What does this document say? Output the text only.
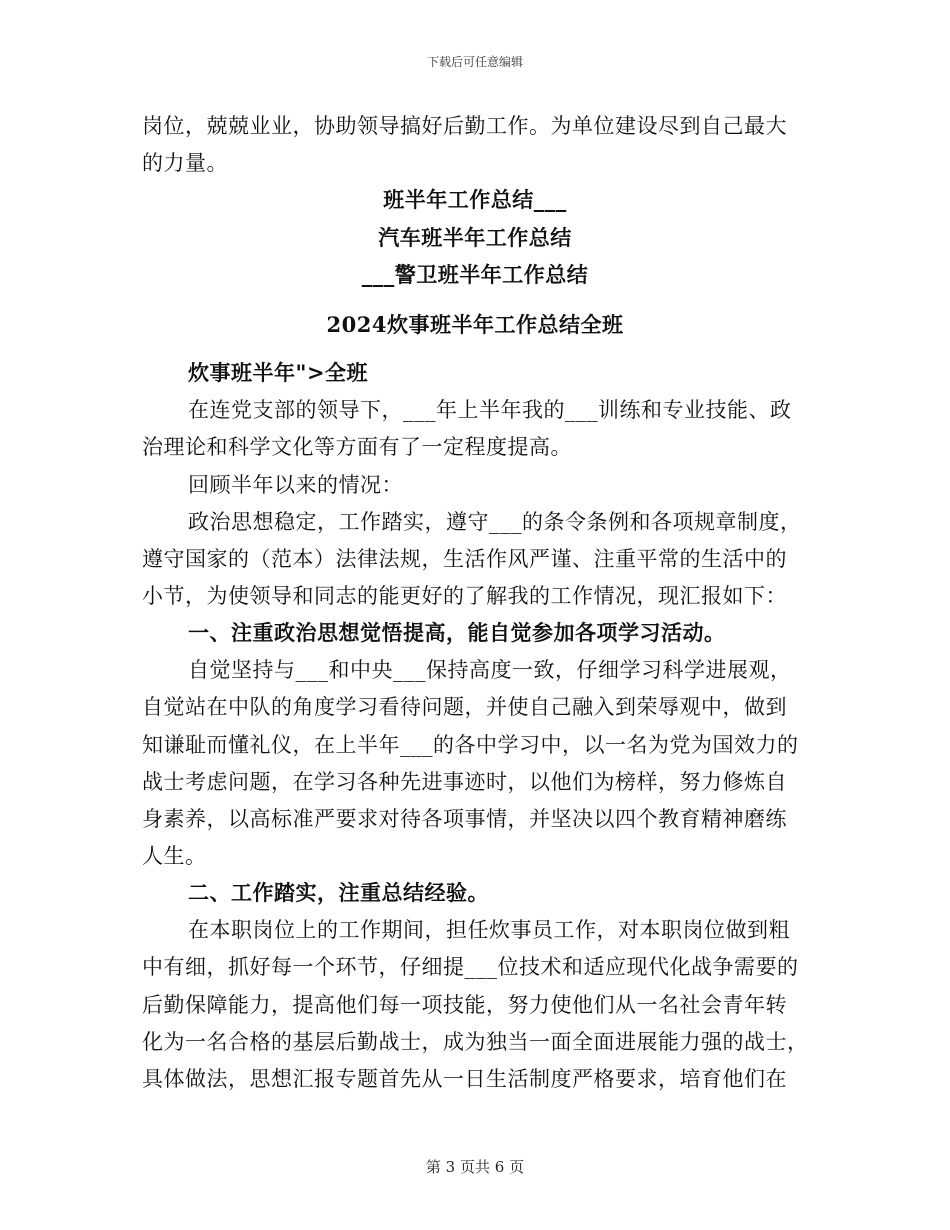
下载后可任意编辑
岗位，兢兢业业，协助领导搞好后勤工作。为单位建设尽到自己最大
的力量。
班半年工作总结___
汽车班半年工作总结
___警卫班半年工作总结
2024炊事班半年工作总结全班
炊事班半年">全班
在连党支部的领导下，___年上半年我的___训练和专业技能、政
治理论和科学文化等方面有了一定程度提高。
回顾半年以来的情况：
政治思想稳定，工作踏实，遵守___的条令条例和各项规章制度，
遵守国家的（范本）法律法规，生活作风严谨、注重平常的生活中的
小节，为使领导和同志的能更好的了解我的工作情况，现汇报如下：
一、注重政治思想觉悟提高，能自觉参加各项学习活动。
自觉坚持与___和中央___保持高度一致，仔细学习科学进展观，
自觉站在中队的角度学习看待问题，并使自己融入到荣辱观中，做到
知谦耻而懂礼仪，在上半年___的各中学习中，以一名为党为国效力的
战士考虑问题，在学习各种先进事迹时，以他们为榜样，努力修炼自
身素养，以高标准严要求对待各项事情，并坚决以四个教育精神磨练
人生。
二、工作踏实，注重总结经验。
在本职岗位上的工作期间，担任炊事员工作，对本职岗位做到粗
中有细，抓好每一个环节，仔细提___位技术和适应现代化战争需要的
后勤保障能力，提高他们每一项技能，努力使他们从一名社会青年转
化为一名合格的基层后勤战士，成为独当一面全面进展能力强的战士，
具体做法，思想汇报专题首先从一日生活制度严格要求，培育他们在
第 3 页共 6 页
